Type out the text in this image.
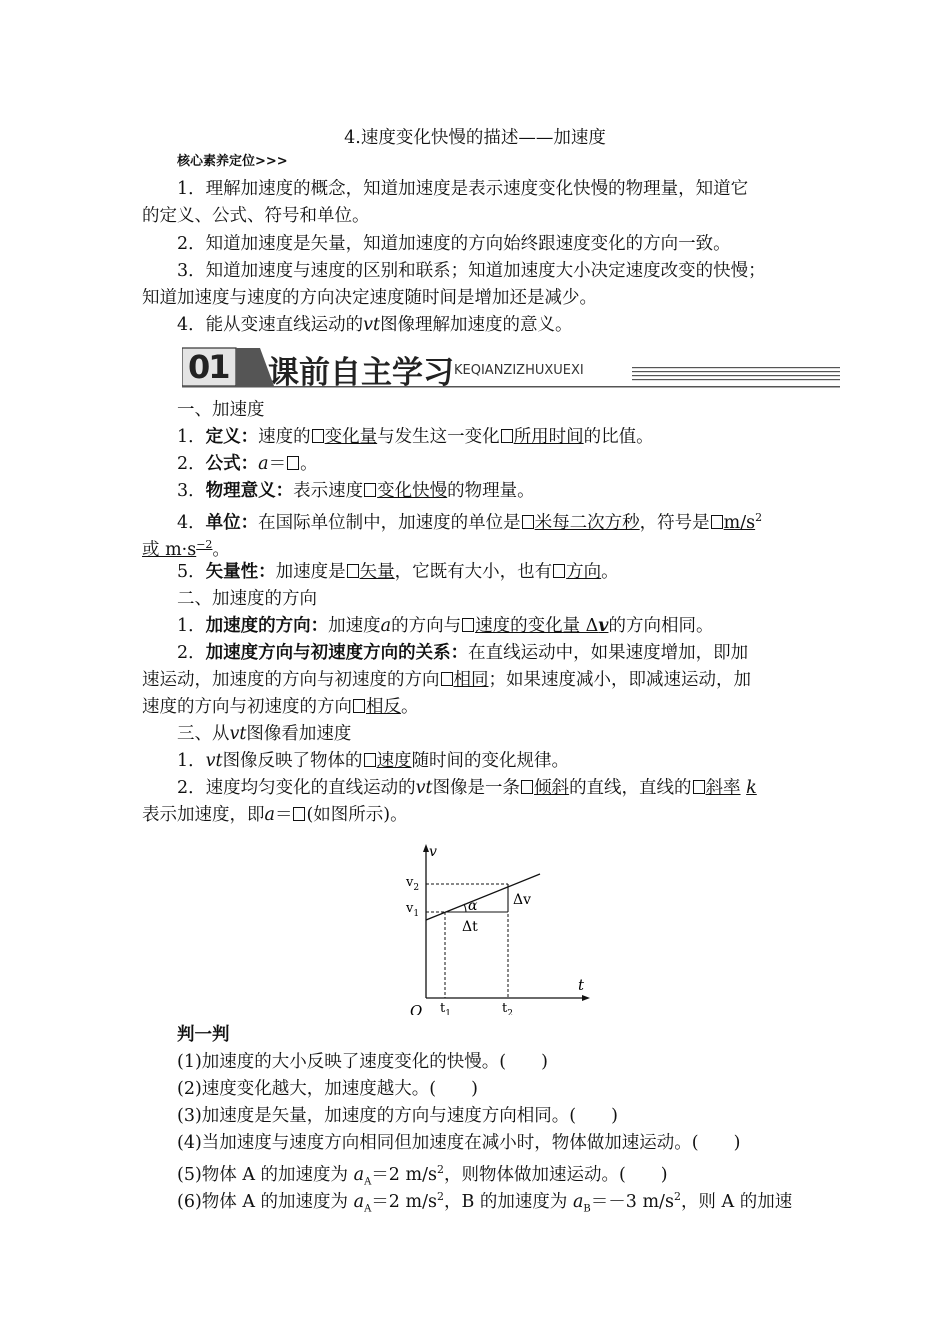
4.速度变化快慢的描述——加速度
核心素养定位>>>
1．理解加速度的概念，知道加速度是表示速度变化快慢的物理量，知道它
的定义、公式、符号和单位。
2．知道加速度是矢量，知道加速度的方向始终跟速度变化的方向一致。
3．知道加速度与速度的区别和联系；知道加速度大小决定速度改变的快慢；
知道加速度与速度的方向决定速度随时间是增加还是减少。
4．能从变速直线运动的vt图像理解加速度的意义。
01 课前自主学习 KEQIANZIZHUXUEXI
一、加速度
1．定义：速度的 变化量与发生这一变化 所用时间的比值。
2．公式：a＝ 。
3．物理意义：表示速度 变化快慢的物理量。
4．单位：在国际单位制中，加速度的单位是 米每二次方秒，符号是 $m/s^2$
或 $m\cdot s^{-2}$。
5．矢量性：加速度是 矢量，它既有大小，也有 方向。
二、加速度的方向
1．加速度的方向：加速度a的方向与 速度的变化量 Δv的方向相同。
2．加速度方向与初速度方向的关系：在直线运动中，如果速度增加，即加
速运动，加速度的方向与初速度的方向 相同；如果速度减小，即减速运动，加
速度的方向与初速度的方向 相反。
三、从vt图像看加速度
1．vt图像反映了物体的 速度随时间的变化规律。
2．速度均匀变化的直线运动的vt图像是一条 倾斜的直线，直线的 斜率 k
表示加速度，即a＝ (如图所示)。
v
t
O
$v_2$
$v_1$
$t_1$	$t_2$
α	Δv
Δt
判一判
(1)加速度的大小反映了速度变化的快慢。(　　)
(2)速度变化越大，加速度越大。(　　)
(3)加速度是矢量，加速度的方向与速度方向相同。(　　)
(4)当加速度与速度方向相同但加速度在减小时，物体做加速运动。(　　)
(5)物体 A 的加速度为 $a_A=2$ $m/s^2$，则物体做加速运动。(　　)
(6)物体 A 的加速度为 $a_A=2$ $m/s^2$，B 的加速度为 $a_B=-3$ $m/s^2$，则 A 的加速
